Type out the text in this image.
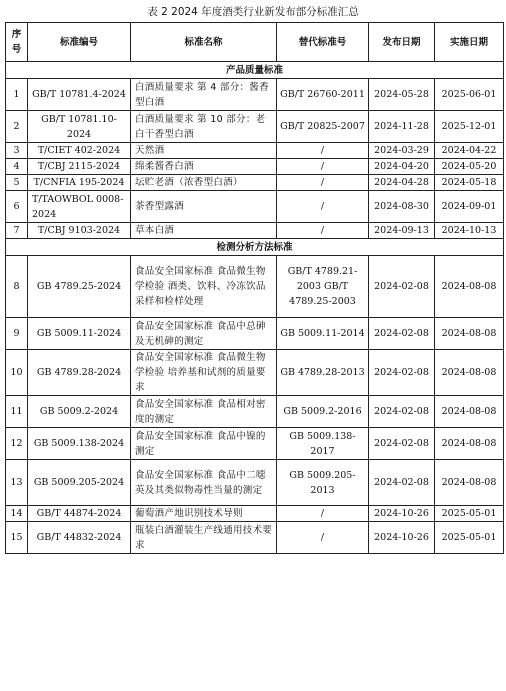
表 2 2024 年度酒类行业新发布部分标准汇总
序号	标准编号	标准名称	替代标准号	发布日期	实施日期
产品质量标准					
1	GB/T 10781.4-2024	白酒质量要求 第 4 部分：酱香型白酒	GB/T 26760-2011	2024-05-28	2025-06-01
2	GB/T 10781.10-2024	白酒质量要求 第 10 部分：老白干香型白酒	GB/T 20825-2007	2024-11-28	2025-12-01
3	T/CIET 402-2024	天然酒	/	2024-03-29	2024-04-22
4	T/CBJ 2115-2024	绵柔酱香白酒	/	2024-04-20	2024-05-20
5	T/CNFIA 195-2024	坛贮老酒（浓香型白酒）	/	2024-04-28	2024-05-18
6	T/TAOWBOL 0008-2024	茶香型露酒	/	2024-08-30	2024-09-01
7	T/CBJ 9103-2024	草本白酒	/	2024-09-13	2024-10-13
检测分析方法标准					
8	GB 4789.25-2024	食品安全国家标准 食品微生物学检验 酒类、饮料、冷冻饮品采样和检样处理	GB/T 4789.21-2003 GB/T 4789.25-2003	2024-02-08	2024-08-08
9	GB 5009.11-2024	食品安全国家标准 食品中总砷及无机砷的测定	GB 5009.11-2014	2024-02-08	2024-08-08
10	GB 4789.28-2024	食品安全国家标准 食品微生物学检验 培养基和试剂的质量要求	GB 4789.28-2013	2024-02-08	2024-08-08
11	GB 5009.2-2024	食品安全国家标准 食品相对密度的测定	GB 5009.2-2016	2024-02-08	2024-08-08
12	GB 5009.138-2024	食品安全国家标准 食品中镍的测定	GB 5009.138-2017	2024-02-08	2024-08-08
13	GB 5009.205-2024	食品安全国家标准 食品中二噁英及其类似物毒性当量的测定	GB 5009.205-2013	2024-02-08	2024-08-08
14	GB/T 44874-2024	葡萄酒产地识别技术导则	/	2024-10-26	2025-05-01
15	GB/T 44832-2024	瓶装白酒灌装生产线通用技术要求	/	2024-10-26	2025-05-01
